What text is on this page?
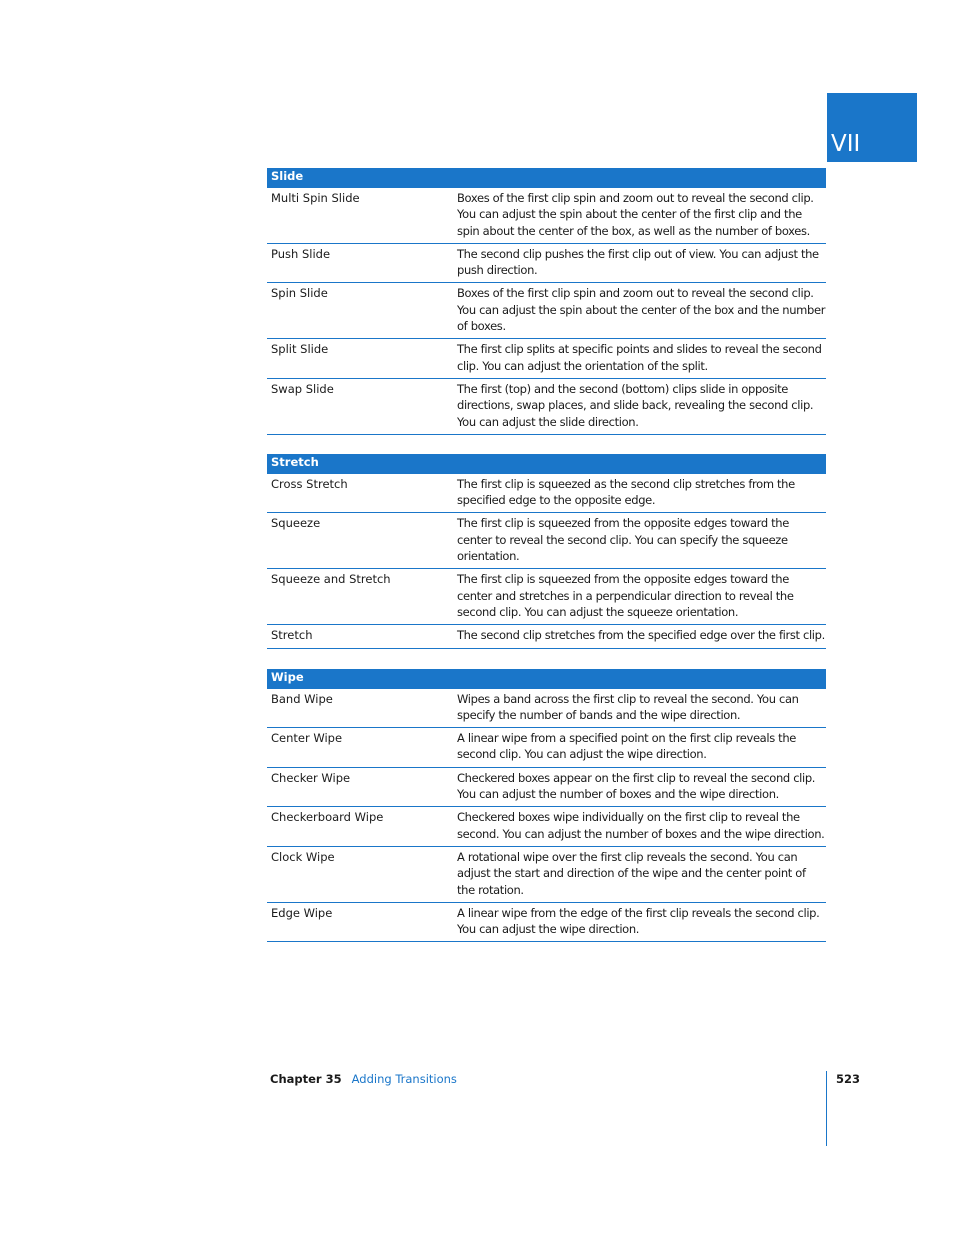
VII
Slide
Multi Spin Slide	Boxes of the first clip spin and zoom out to reveal the second clip. You can adjust the spin about the center of the first clip and the spin about the center of the box, as well as the number of boxes.
Push Slide	The second clip pushes the first clip out of view. You can adjust the push direction.
Spin Slide	Boxes of the first clip spin and zoom out to reveal the second clip. You can adjust the spin about the center of the box and the number of boxes.
Split Slide	The first clip splits at specific points and slides to reveal the second clip. You can adjust the orientation of the split.
Swap Slide	The first (top) and the second (bottom) clips slide in opposite directions, swap places, and slide back, revealing the second clip. You can adjust the slide direction.
Stretch
Cross Stretch	The first clip is squeezed as the second clip stretches from the specified edge to the opposite edge.
Squeeze	The first clip is squeezed from the opposite edges toward the center to reveal the second clip. You can specify the squeeze orientation.
Squeeze and Stretch	The first clip is squeezed from the opposite edges toward the center and stretches in a perpendicular direction to reveal the second clip. You can adjust the squeeze orientation.
Stretch	The second clip stretches from the specified edge over the first clip.
Wipe
Band Wipe	Wipes a band across the first clip to reveal the second. You can specify the number of bands and the wipe direction.
Center Wipe	A linear wipe from a specified point on the first clip reveals the second clip. You can adjust the wipe direction.
Checker Wipe	Checkered boxes appear on the first clip to reveal the second clip. You can adjust the number of boxes and the wipe direction.
Checkerboard Wipe	Checkered boxes wipe individually on the first clip to reveal the second. You can adjust the number of boxes and the wipe direction.
Clock Wipe	A rotational wipe over the first clip reveals the second. You can adjust the start and direction of the wipe and the center point of the rotation.
Edge Wipe	A linear wipe from the edge of the first clip reveals the second clip. You can adjust the wipe direction.
Chapter 35 Adding Transitions	523
